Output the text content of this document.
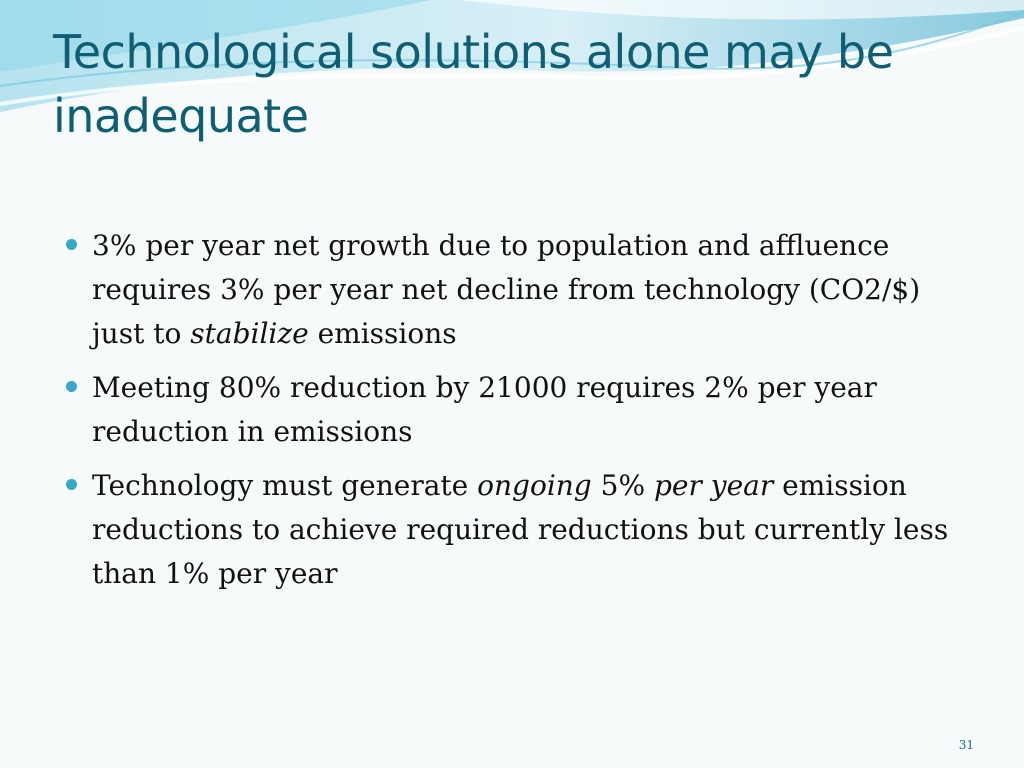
Technological solutions alone may be inadequate
3% per year net growth due to population and affluence requires 3% per year net decline from technology (CO2/$) just to stabilize emissions
Meeting 80% reduction by 21000 requires 2% per year reduction in emissions
Technology must generate ongoing 5% per year emission reductions to achieve required reductions but currently less than 1% per year
31
